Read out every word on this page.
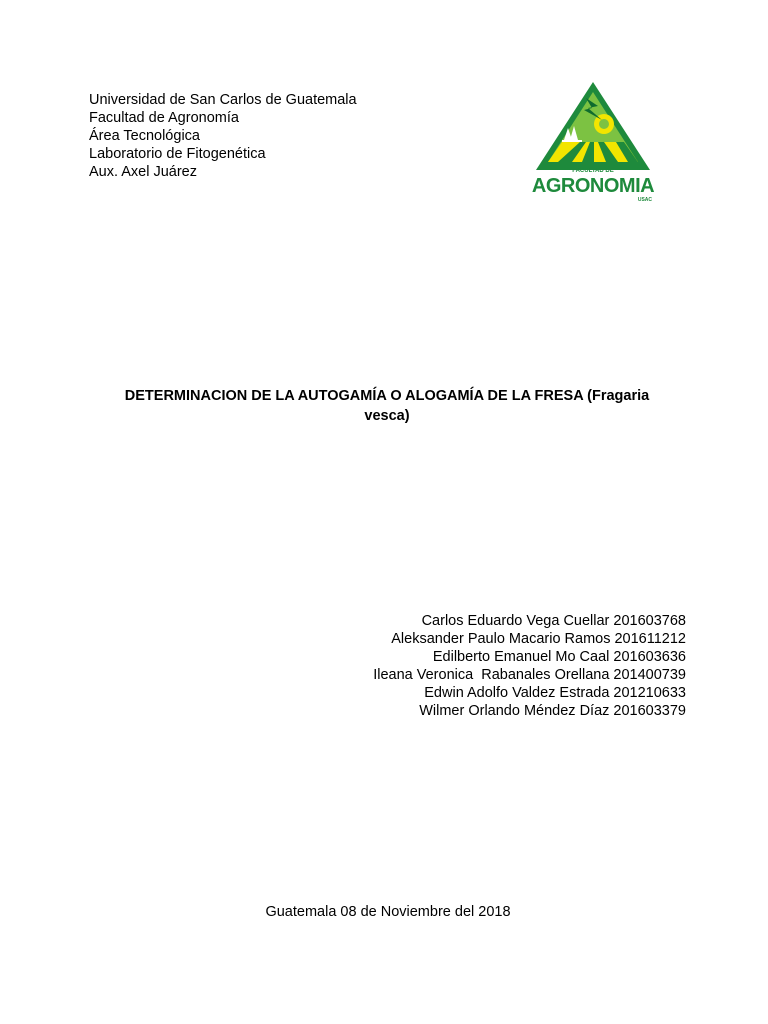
Universidad de San Carlos de Guatemala
Facultad de Agronomía
Área Tecnológica
Laboratorio de Fitogenética
Aux. Axel Juárez	FACULTAD DE
AGRONOMIA
USAC
DETERMINACION DE LA AUTOGAMÍA O ALOGAMÍA DE LA FRESA (Fragaria
vesca)
Carlos Eduardo Vega Cuellar 201603768
Aleksander Paulo Macario Ramos 201611212
Edilberto Emanuel Mo Caal 201603636
Ileana Veronica  Rabanales Orellana 201400739
Edwin Adolfo Valdez Estrada 201210633
Wilmer Orlando Méndez Díaz 201603379
Guatemala 08 de Noviembre del 2018
